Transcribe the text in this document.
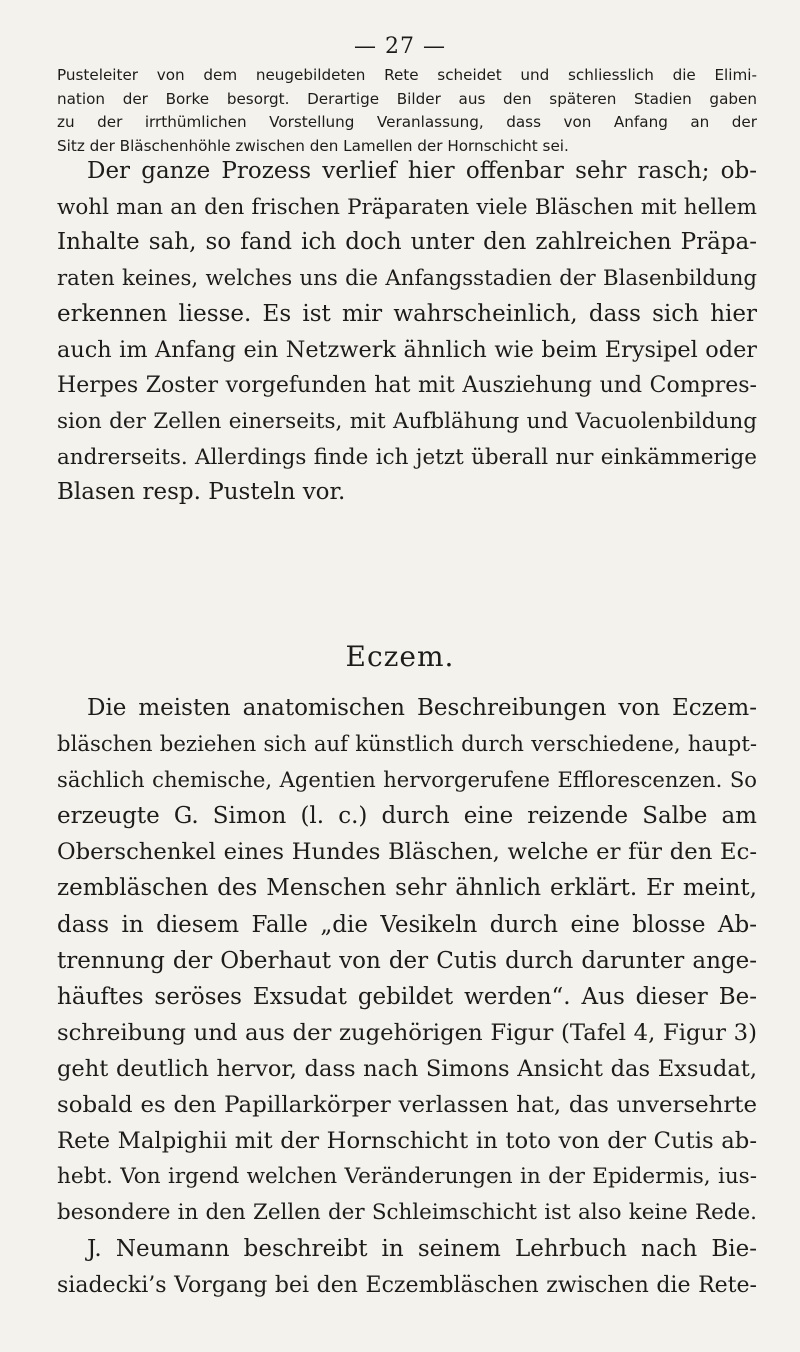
— 27 —
Pusteleiter von dem neugebildeten Rete scheidet und schliesslich die Elimi-
nation der Borke besorgt. Derartige Bilder aus den späteren Stadien gaben
zu der irrthümlichen Vorstellung Veranlassung, dass von Anfang an der
Sitz der Bläschenhöhle zwischen den Lamellen der Hornschicht sei.
Der ganze Prozess verlief hier offenbar sehr rasch; ob-
wohl man an den frischen Präparaten viele Bläschen mit hellem
Inhalte sah, so fand ich doch unter den zahlreichen Präpa-
raten keines, welches uns die Anfangsstadien der Blasenbildung
erkennen liesse. Es ist mir wahrscheinlich, dass sich hier
auch im Anfang ein Netzwerk ähnlich wie beim Erysipel oder
Herpes Zoster vorgefunden hat mit Ausziehung und Compres-
sion der Zellen einerseits, mit Aufblähung und Vacuolenbildung
andrerseits. Allerdings finde ich jetzt überall nur einkämmerige
Blasen resp. Pusteln vor.
Eczem.
Die meisten anatomischen Beschreibungen von Eczem-
bläschen beziehen sich auf künstlich durch verschiedene, haupt-
sächlich chemische, Agentien hervorgerufene Efflorescenzen. So
erzeugte G. Simon (l. c.) durch eine reizende Salbe am
Oberschenkel eines Hundes Bläschen, welche er für den Ec-
zembläschen des Menschen sehr ähnlich erklärt. Er meint,
dass in diesem Falle „die Vesikeln durch eine blosse Ab-
trennung der Oberhaut von der Cutis durch darunter ange-
häuftes seröses Exsudat gebildet werden“. Aus dieser Be-
schreibung und aus der zugehörigen Figur (Tafel 4, Figur 3)
geht deutlich hervor, dass nach Simons Ansicht das Exsudat,
sobald es den Papillarkörper verlassen hat, das unversehrte
Rete Malpighii mit der Hornschicht in toto von der Cutis ab-
hebt. Von irgend welchen Veränderungen in der Epidermis, ius-
besondere in den Zellen der Schleimschicht ist also keine Rede.
J. Neumann beschreibt in seinem Lehrbuch nach Bie-
siadecki’s Vorgang bei den Eczembläschen zwischen die Rete-
